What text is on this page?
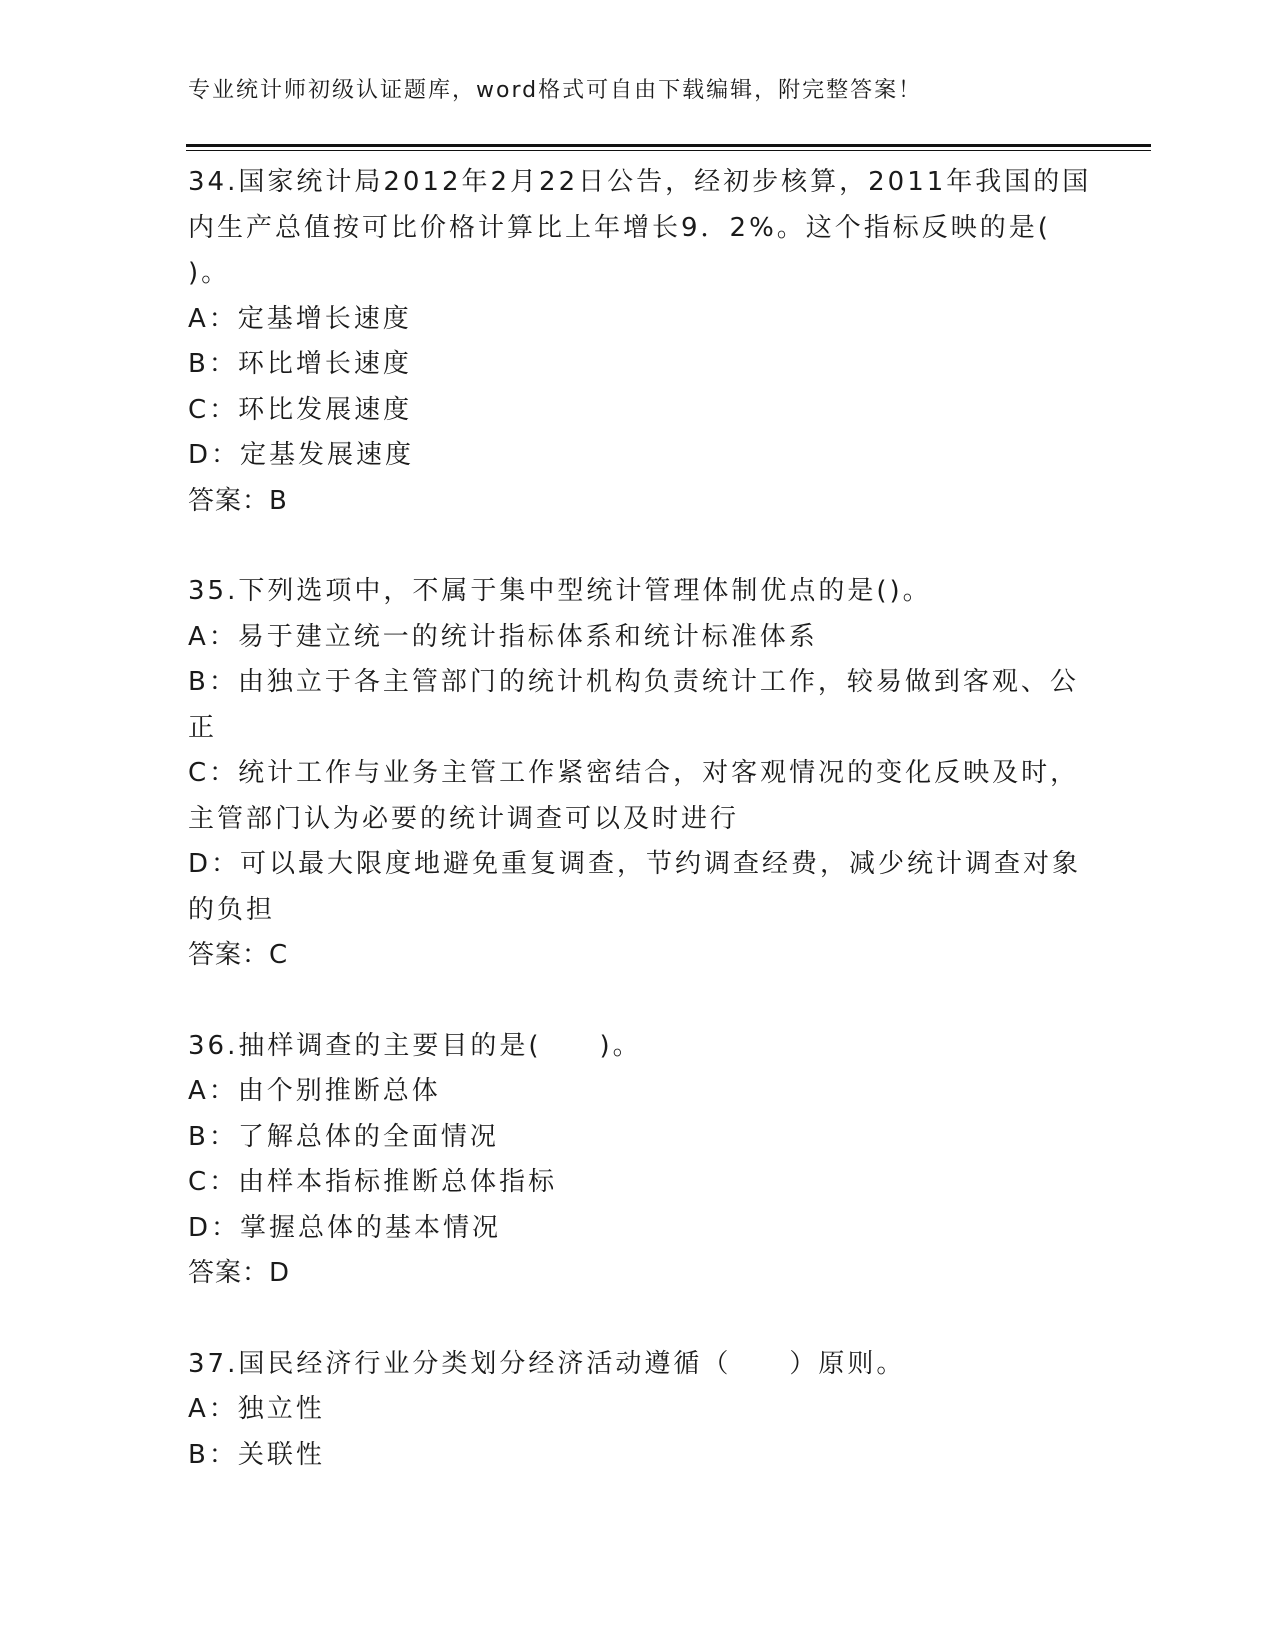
专业统计师初级认证题库，word格式可自由下载编辑，附完整答案！
34.国家统计局2012年2月22日公告，经初步核算，2011年我国的国
内生产总值按可比价格计算比上年增长9．2%。这个指标反映的是(
)。
A：定基增长速度
B：环比增长速度
C：环比发展速度
D：定基发展速度
答案：B
35.下列选项中，不属于集中型统计管理体制优点的是()。
A：易于建立统一的统计指标体系和统计标准体系
B：由独立于各主管部门的统计机构负责统计工作，较易做到客观、公
正
C：统计工作与业务主管工作紧密结合，对客观情况的变化反映及时，
主管部门认为必要的统计调查可以及时进行
D：可以最大限度地避免重复调查，节约调查经费，减少统计调查对象
的负担
答案：C
36.抽样调查的主要目的是(　　)。
A：由个别推断总体
B：了解总体的全面情况
C：由样本指标推断总体指标
D：掌握总体的基本情况
答案：D
37.国民经济行业分类划分经济活动遵循（　　）原则。
A：独立性
B：关联性
